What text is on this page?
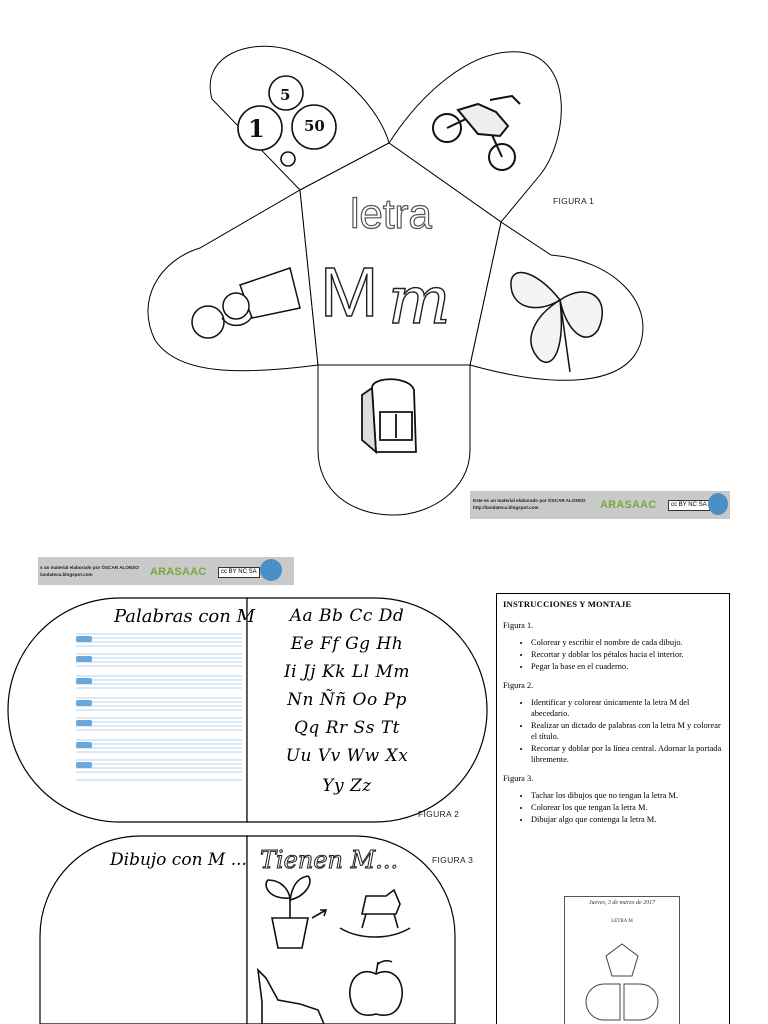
5
1	50
letra
M m
FIGURA 1
Este es un material elaborado por ÓSCAR ALONSO
http://tandateca.blogspot.com	ARASAAC	cc BY NC SA
s un material elaborado por ÓSCAR ALONSO
/andateca.blogspot.com	ARASAAC	cc BY NC SA
Palabras con M	Aa Bb Cc Dd
Ee Ff Gg Hh
Ii Jj Kk Ll Mm
Nn Ññ Oo Pp
Qq Rr Ss Tt
Uu Vv Ww Xx
Yy Zz
FIGURA 2
Dibujo con M ... Tienen M...	FIGURA 3
INSTRUCCIONES Y MONTAJE
Figura 1.
• Colorear y escribir el nombre de cada dibujo.
• Recortar y doblar los pétalos hacia el interior.
• Pegar la base en el cuaderno.
Figura 2.
• Identificar y colorear únicamente la letra M del abecedario.
• Realizar un dictado de palabras con la letra M y colorear el título.
• Recortar y doblar por la línea central. Adornar la portada libremente.
Figura 3.
• Tachar los dibujos que no tengan la letra M.
• Colorear los que tengan la letra M.
• Dibujar algo que contenga la letra M.
Jueves, 3 de marzo de 2017
LETRA M
